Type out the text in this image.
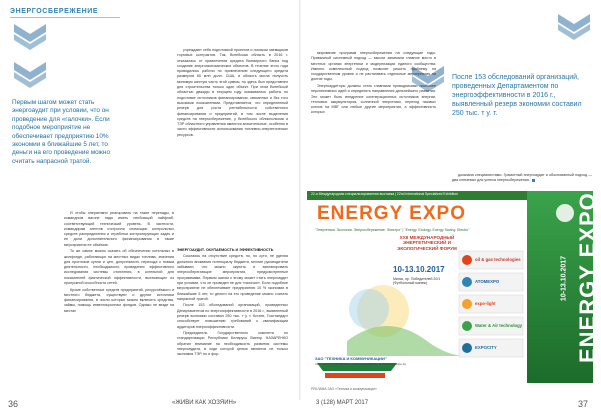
ЭНЕРГОСБЕРЕЖЕНИЕ
Первым шагом может стать энергоаудит при условии, что он проведение для «галочки». Если подобное мероприятие не обеспечивает предприятию 10% экономии в ближайшие 5 лет, то деньги на его проведение можно считать напрасной тратой.
После 153 обследований организаций, проведенных Департаментом по энергоэффективности в 2016 г., выявленный резерв экономии составил 250 тыс. т у. т.

И чтобы оперативно реагировать на такие перепады, в командном вагоне надо иметь несбоящий лайфхаб, соответствующий технический уровень. В частности, командирам агентов отстроили спомощью контрольных средств распределения и отработки контролирующих задач и ее доли дополнительного финансирования в такие мероприятия ее объёмов.

То же самое можно сказать об обеспечении котельных в жилфонде, работающих на местных видах топлива, значения для прогнозов купли и цен, допустимость перехода к новым деятельности, необходимость проведения эффективного исследования системы отопления, в котельной для показателей фактической эффективности, вытекающих из пропускной способности сетей.

Кроме собственных средств предприятий, ресурсоёмкого и местного бюджета, существуют и другие источники финансирования, в число которых можно включить средства, займы, помощь инвестиционных фондов. Однако не везде на местах

учреждают себя подготовкой проектов и поиском заемщиков торговых контрактов. Так, Витебская область в 2016 г. отказалась от привлечения кредита Всемирного банка под создание энергоэкономических объектов. В течение этого года проводились работы по привлечению следующего кредита размером 60 млн долл. США, и область могла получить минимум шестую часть этой суммы, но здесь был представлен для строительства только один объект. При этом Витебской областью дважды в текущем году оказывались работы по подготовке источников финансирования, связанных и без того высокими показателями. Представляется, что определенный резерв для роста рентабельности собственного финансирования и предприятий, в том числе выделения средств на энергосбережение, у Витебского облисполкома и ТЭР областного управления имеются значительные, особенно в части эффективности использования топливно-энергетических ресурсов.

ЭНЕРГОАУДИТ. ОКУПАЕМОСТЬ И ЭФФЕКТИВНОСТЬ

Ссылаясь на отсутствие средств, но, по сути, не уделяя должного внимания потенциалу бюджета, многие руководители забывают, что можно окупить и запланировать энергосберегающие мероприятия, предусмотренные программами. Первым шагом к этому может стать энергоаудит при условии, что он проведен не для «галочки». Если подобное мероприятие не обеспечивает предприятию 10 % экономии в ближайшие 5 лет, то деньги на его проведение можно считать напрасной тратой.

После 153 обследований организаций, проведенных Департаментом по энергоэффективности в 2016 г., выявленный резерв экономии составил 250 тыс. т у. т. Кстати, Госстандарт способствует повышению требований к квалификации аудиторов энергоэффективности.

Председатель Государственного комитета по стандартизации Республики Беларусь Виктор НАЗАРЕНКО обратил внимание на необходимость развития системы энергоаудита, в ходе которой целью является не только экономия ТЭР, но и фор-

мирование программ энергосбережения на следующие годы. Привычный системный подход — мысли занимали главное место в местных органах энергетики и модернизации единого сообщества. Именно комплексный подход позволит решить проблему на государственном уровне и не растягивать отдельные мероприятия на долгие годы.

Энергоаудиторы должны стать главными проводниками наиболее перспективных идей и определять направления дальнейшего развития. Это может быть внедрение когенерационных источников энергии, тепловых аккумуляторов, солнечной энергетики, переход газовых котлов на МВТ или любые другие мероприятия, а эффективность которых

доказана специалистами. Грамотный энергоаудит и обоснованный подход — два ключевых для успеха энергосбережения.

22-я Международная специализированная выставка | 22nd International Specialized Exhibition
ENERGY EXPO
"Энергетика. Экология. Энергосбережение. Электро" | "Energy. Ecology. Energy Saving. Electro"
XXII МЕЖДУНАРОДНЫЙ ЭНЕРГЕТИЧЕСКИЙ И ЭКОЛОГИЧЕСКИЙ ФОРУМ
10-13.10.2017
Минск, пр. Победителей 20/1 (Футбольный манеж)
ЗАО "ТЕХНИКА И КОММУНИКАЦИИ"
тел.: +375 17 306-06-06, e-mail: energy@tc.by, www.energyexpo.by
oil & gas technologies
ATOMEXPO
expo-light
Water & Air technology
EXPOCITY	ENERGY EXPO
10-13.10.2017
РЕКЛАМА ЗАО «Техника и коммуникации»
36	«ЖИВИ КАК ХОЗЯИН»	3 (128) МАРТ 2017	37
